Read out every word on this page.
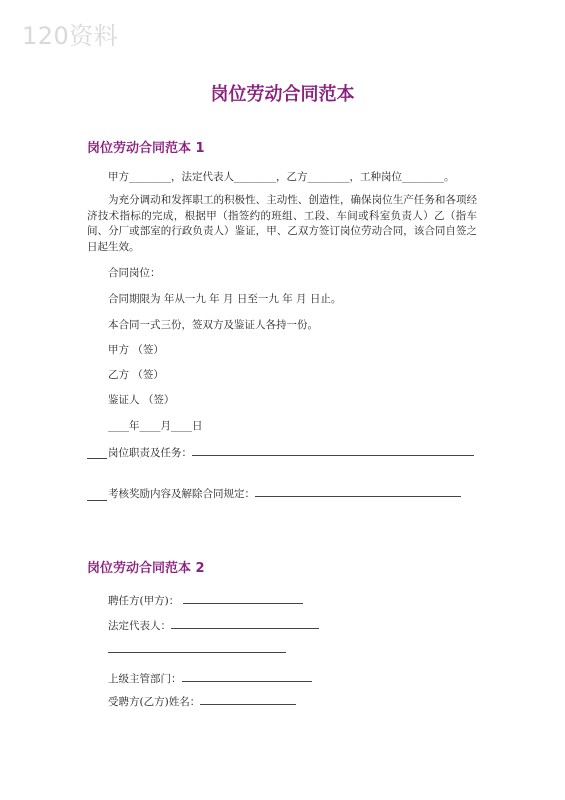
120资料
岗位劳动合同范本
岗位劳动合同范本 1
甲方________，法定代表人________，乙方________，工种岗位________。
为充分调动和发挥职工的积极性、主动性、创造性，确保岗位生产任务和各项经济技术指标的完成，根据甲（指签约的班组、工段、车间或科室负责人）乙（指车间、分厂或部室的行政负责人）鉴证，甲、乙双方签订岗位劳动合同，该合同自签之日起生效。
合同岗位：
合同期限为 年从一九 年 月 日至一九 年 月 日止。
本合同一式三份，签双方及鉴证人各持一份。
甲方 （签）
乙方 （签）
鉴证人 （签）
____年____月____日
岗位职责及任务：
考核奖励内容及解除合同规定：
岗位劳动合同范本 2
聘任方(甲方)：
法定代表人：
上级主管部门：
受聘方(乙方)姓名：
